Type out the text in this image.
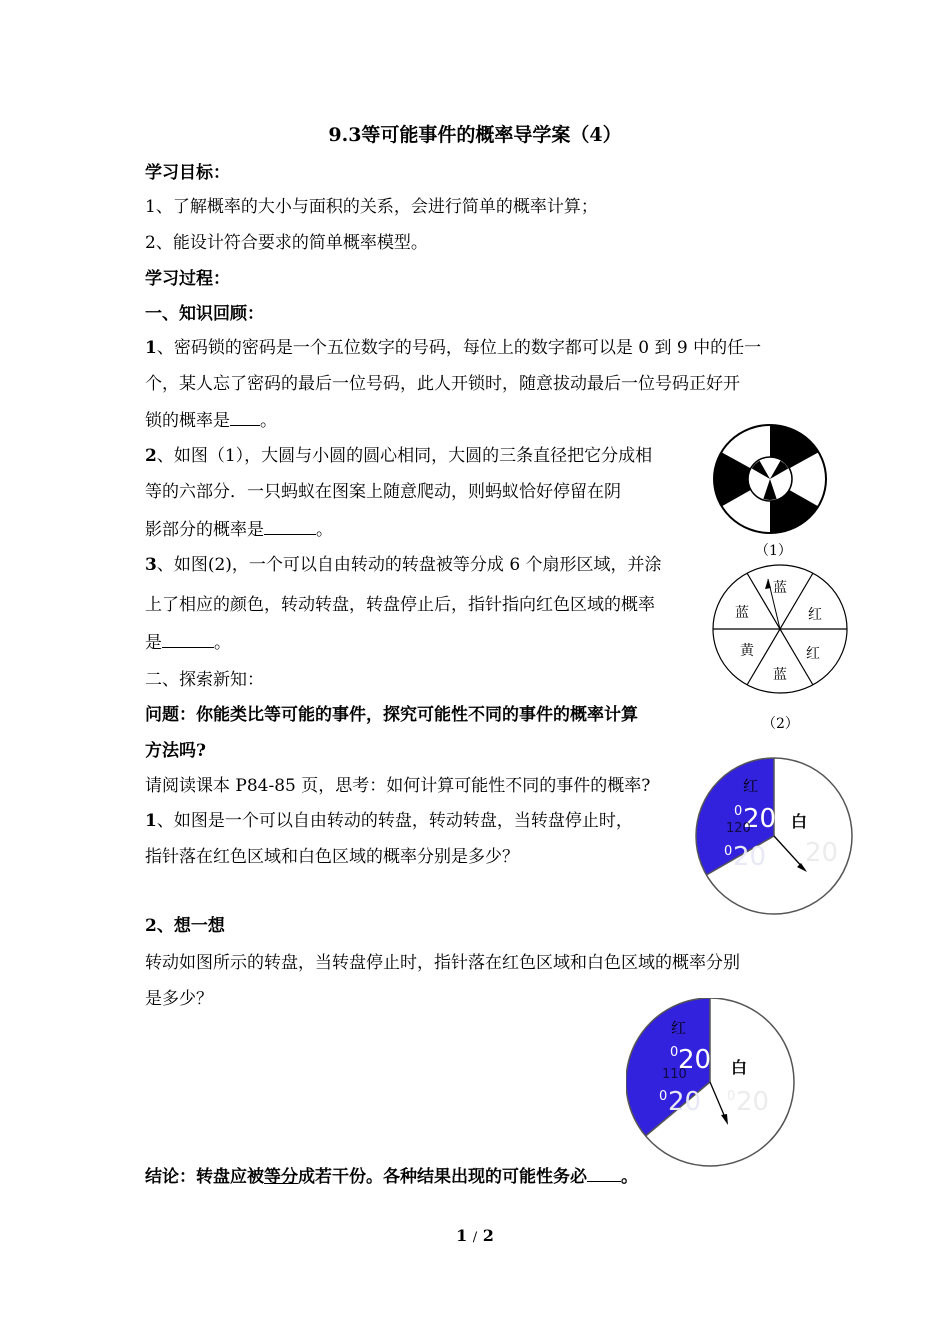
9.3等可能事件的概率导学案（4）
学习目标：
1、了解概率的大小与面积的关系，会进行简单的概率计算；
2、能设计符合要求的简单概率模型。
学习过程：
一、知识回顾：
1、密码锁的密码是一个五位数字的号码，每位上的数字都可以是 0 到 9 中的任一
个，某人忘了密码的最后一位号码，此人开锁时，随意拔动最后一位号码正好开
锁的概率是 。
2、如图（1），大圆与小圆的圆心相同，大圆的三条直径把它分成相
等的六部分．一只蚂蚁在图案上随意爬动，则蚂蚁恰好停留在阴
影部分的概率是	。
（1）
3、如图(2)，一个可以自由转动的转盘被等分成 6 个扇形区域，并涂
上了相应的颜色，转动转盘，转盘停止后，指针指向红色区域的概率
是	。
蓝
红
红
蓝
黄
蓝
（2）
二、探索新知：
问题：你能类比等可能的事件，探究可能性不同的事件的概率计算
方法吗?
请阅读课本 P84-85 页，思考：如何计算可能性不同的事件的概率?
1、如图是一个可以自由转动的转盘，转动转盘，当转盘停止时，
指针落在红色区域和白色区域的概率分别是多少？
红
0 20
120
0 20
白
20
2、想一想
转动如图所示的转盘，当转盘停止时，指针落在红色区域和白色区域的概率分别
是多少？
红
0 20
110
0 20
白
0 20
结论：转盘应被等分成若干份。各种结果出现的可能性务必 。
1 / 2
